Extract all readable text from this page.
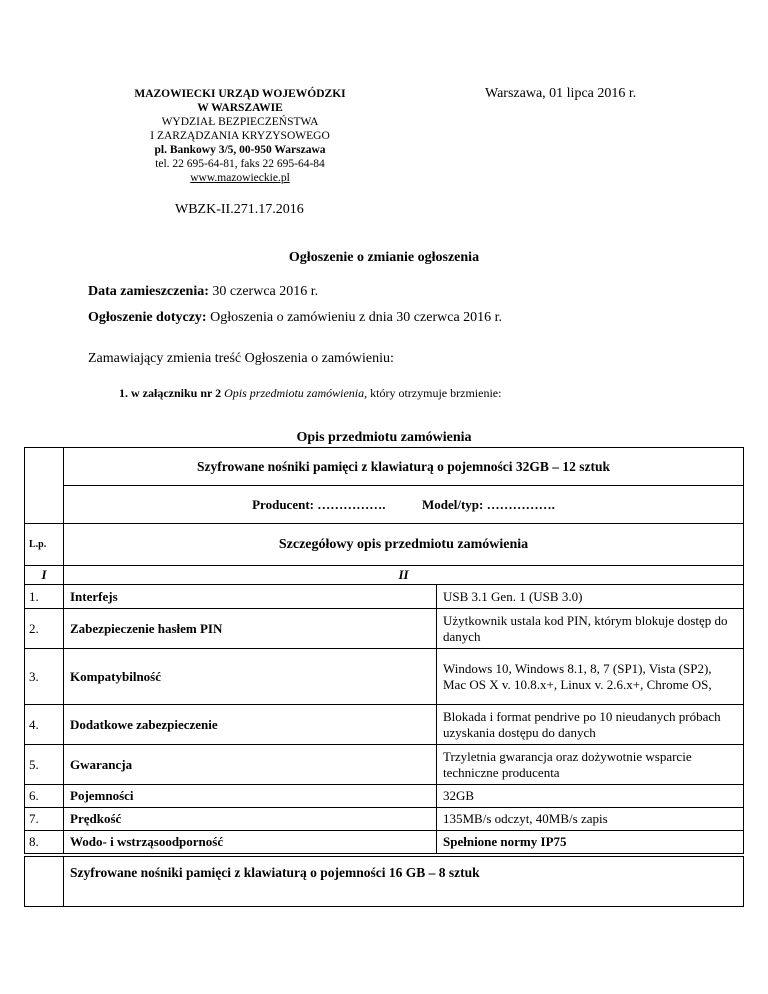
MAZOWIECKI URZĄD WOJEWÓDZKI
W WARSZAWIE
WYDZIAŁ BEZPIECZEŃSTWA
I ZARZĄDZANIA KRYZYSOWEGO
pl. Bankowy 3/5, 00-950 Warszawa
tel. 22 695-64-81, faks 22 695-64-84
www.mazowieckie.pl
Warszawa, 01 lipca 2016 r.
WBZK-II.271.17.2016
Ogłoszenie o zmianie ogłoszenia
Data zamieszczenia: 30 czerwca 2016 r.
Ogłoszenie dotyczy: Ogłoszenia o zamówieniu z dnia 30 czerwca 2016 r.
Zamawiający zmienia treść Ogłoszenia o zamówieniu:
1. w załączniku nr 2 Opis przedmiotu zamówienia, który otrzymuje brzmienie:
Opis przedmiotu zamówienia
	Szyfrowane nośniki pamięci z klawiaturą o pojemności 32GB – 12 sztuk	
	Producent: ……………. Model/typ: …………….	
L.p.	Szczegółowy opis przedmiotu zamówienia	
I	II	
1.	Interfejs	USB 3.1 Gen. 1 (USB 3.0)
2.	Zabezpieczenie hasłem PIN	Użytkownik ustala kod PIN, którym blokuje dostęp do danych
3.	Kompatybilność	Windows 10, Windows 8.1, 8, 7 (SP1), Vista (SP2), Mac OS X v. 10.8.x+, Linux v. 2.6.x+, Chrome OS,
4.	Dodatkowe zabezpieczenie	Blokada i format pendrive po 10 nieudanych próbach uzyskania dostępu do danych
5.	Gwarancja	Trzyletnia gwarancja oraz dożywotnie wsparcie techniczne producenta
6.	Pojemności	32GB
7.	Prędkość	135MB/s odczyt, 40MB/s zapis
8.	Wodo- i wstrząsoodporność	Spełnione normy IP75
	Szyfrowane nośniki pamięci z klawiaturą o pojemności 16 GB – 8 sztuk
